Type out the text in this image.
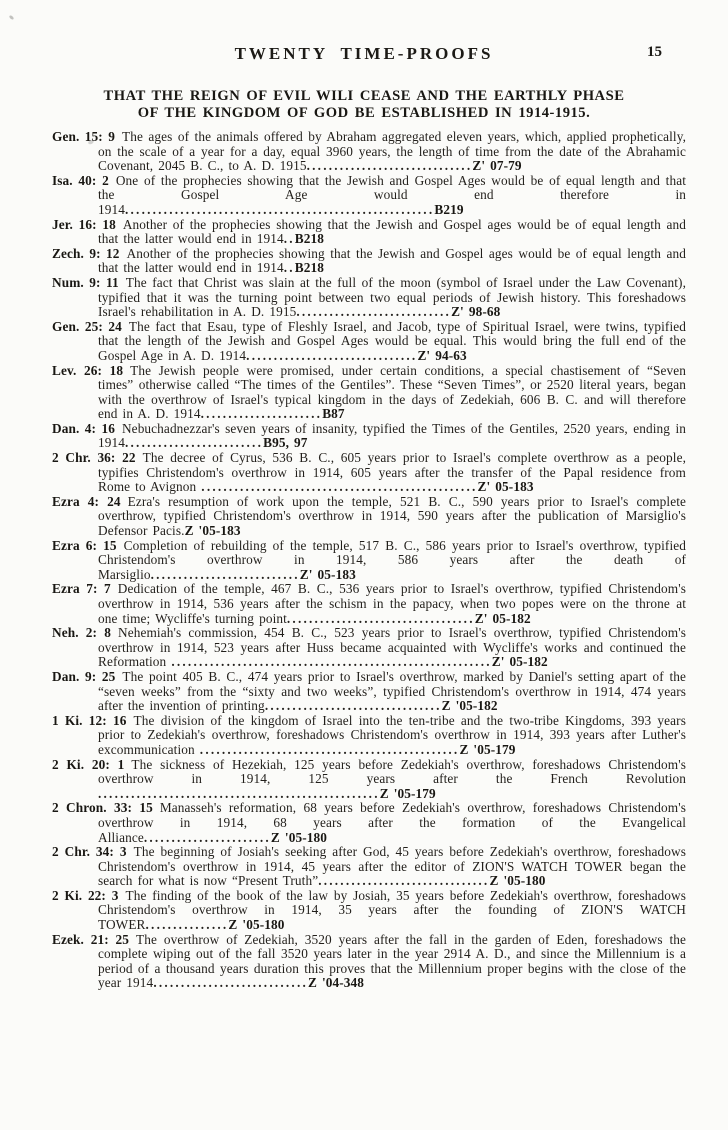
TWENTY TIME-PROOFS	15
THAT THE REIGN OF EVIL WILI CEASE AND THE EARTHLY PHASE
OF THE KINGDOM OF GOD BE ESTABLISHED IN 1914-1915.

Gen. 15: 9 The ages of the animals offered by Abraham aggregated eleven years, which, applied prophetically, on the scale of a year for a day, equal 3960 years, the length of time from the date of the Abrahamic Covenant, 2045 B. C., to A. D. 1915..............................Z' 07-79

Isa. 40: 2 One of the prophecies showing that the Jewish and Gospel Ages would be of equal length and that the Gospel Age would end therefore in 1914........................................................B219

Jer. 16: 18 Another of the prophecies showing that the Jewish and Gospel ages would be of equal length and that the latter would end in 1914..B218

Zech. 9: 12 Another of the prophecies showing that the Jewish and Gospel ages would be of equal length and that the latter would end in 1914..B218

Num. 9: 11 The fact that Christ was slain at the full of the moon (symbol of Israel under the Law Covenant), typified that it was the turning point between two equal periods of Jewish history. This foreshadows Israel's rehabilitation in A. D. 1915............................Z' 98-68

Gen. 25: 24 The fact that Esau, type of Fleshly Israel, and Jacob, type of Spiritual Israel, were twins, typified that the length of the Jewish and Gospel Ages would be equal. This would bring the full end of the Gospel Age in A. D. 1914...............................Z' 94-63

Lev. 26: 18 The Jewish people were promised, under certain conditions, a special chastisement of “Seven times” otherwise called “The times of the Gentiles”. These “Seven Times”, or 2520 literal years, began with the overthrow of Israel's typical kingdom in the days of Zedekiah, 606 B. C. and will therefore end in A. D. 1914......................B87

Dan. 4: 16 Nebuchadnezzar's seven years of insanity, typified the Times of the Gentiles, 2520 years, ending in 1914.........................B95, 97

2 Chr. 36: 22 The decree of Cyrus, 536 B. C., 605 years prior to Israel's complete overthrow as a people, typifies Christendom's overthrow in 1914, 605 years after the transfer of the Papal residence from Rome to Avignon ..................................................Z' 05-183

Ezra 4: 24 Ezra's resumption of work upon the temple, 521 B. C., 590 years prior to Israel's complete overthrow, typified Christendom's overthrow in 1914, 590 years after the publication of Marsiglio's Defensor Pacis.Z '05-183

Ezra 6: 15 Completion of rebuilding of the temple, 517 B. C., 586 years prior to Israel's overthrow, typified Christendom's overthrow in 1914, 586 years after the death of Marsiglio...........................Z' 05-183

Ezra 7: 7 Dedication of the temple, 467 B. C., 536 years prior to Israel's overthrow, typified Christendom's overthrow in 1914, 536 years after the schism in the papacy, when two popes were on the throne at one time; Wycliffe's turning point..................................Z' 05-182

Neh. 2: 8 Nehemiah's commission, 454 B. C., 523 years prior to Israel's overthrow, typified Christendom's overthrow in 1914, 523 years after Huss became acquainted with Wycliffe's works and continued the Reformation ..........................................................Z' 05-182

Dan. 9: 25 The point 405 B. C., 474 years prior to Israel's overthrow, marked by Daniel's setting apart of the “seven weeks” from the “sixty and two weeks”, typified Christendom's overthrow in 1914, 474 years after the invention of printing................................Z '05-182

1 Ki. 12: 16 The division of the kingdom of Israel into the ten-tribe and the two-tribe Kingdoms, 393 years prior to Zedekiah's overthrow, foreshadows Christendom's overthrow in 1914, 393 years after Luther's excommunication ...............................................Z '05-179

2 Ki. 20: 1 The sickness of Hezekiah, 125 years before Zedekiah's overthrow, foreshadows Christendom's overthrow in 1914, 125 years after the French Revolution ...................................................Z '05-179

2 Chron. 33: 15 Manasseh's reformation, 68 years before Zedekiah's overthrow, foreshadows Christendom's overthrow in 1914, 68 years after the formation of the Evangelical Alliance.......................Z '05-180

2 Chr. 34: 3 The beginning of Josiah's seeking after God, 45 years before Zedekiah's overthrow, foreshadows Christendom's overthrow in 1914, 45 years after the editor of ZION'S WATCH TOWER began the search for what is now “Present Truth”...............................Z '05-180

2 Ki. 22: 3 The finding of the book of the law by Josiah, 35 years before Zedekiah's overthrow, foreshadows Christendom's overthrow in 1914, 35 years after the founding of ZION'S WATCH TOWER...............Z '05-180

Ezek. 21: 25 The overthrow of Zedekiah, 3520 years after the fall in the garden of Eden, foreshadows the complete wiping out of the fall 3520 years later in the year 2914 A. D., and since the Millennium is a period of a thousand years duration this proves that the Millennium proper begins with the close of the year 1914............................Z '04-348
